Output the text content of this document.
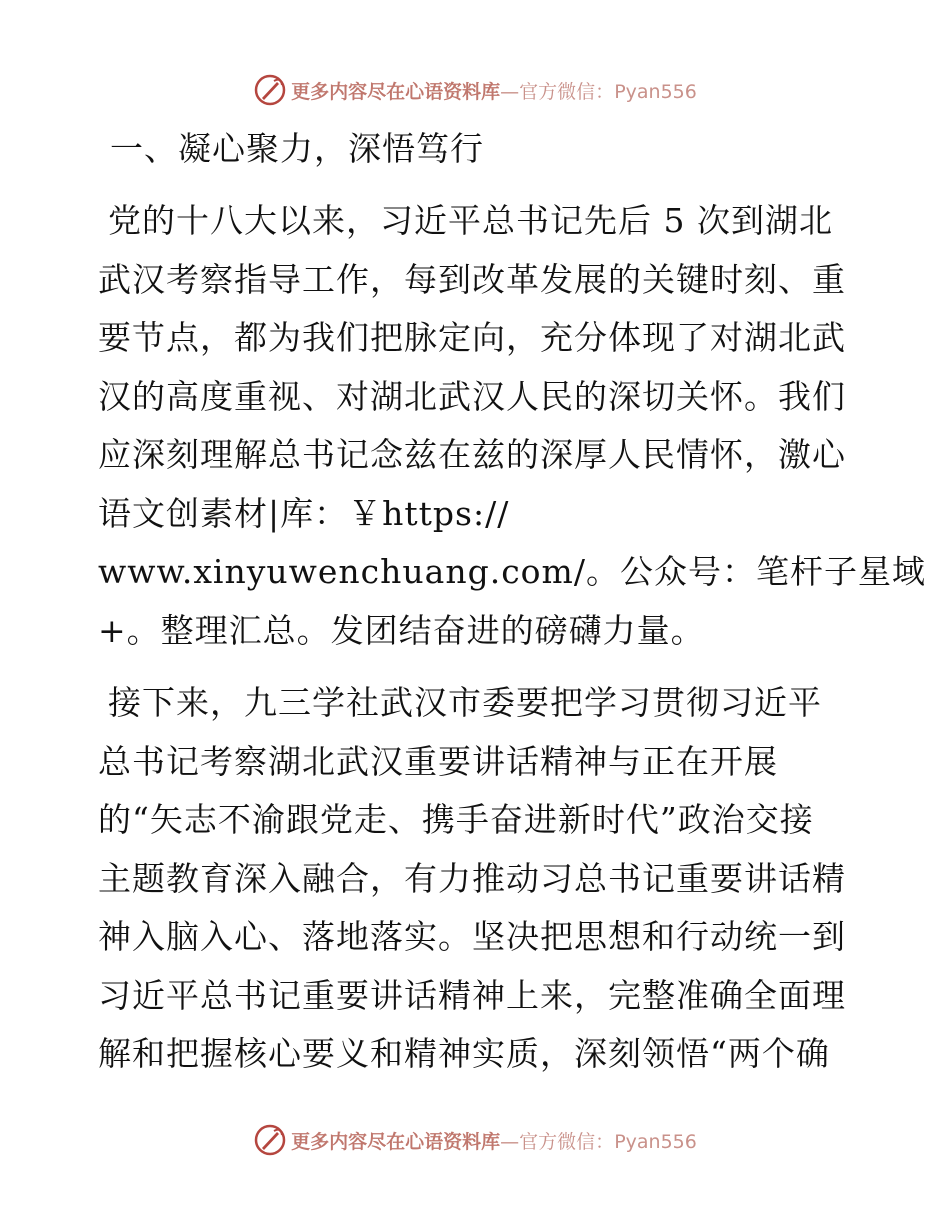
更多内容尽在心语资料库—官方微信：Pyan556
一、凝心聚力，深悟笃行
党的十八大以来，习近平总书记先后 5 次到湖北
武汉考察指导工作，每到改革发展的关键时刻、重
要节点，都为我们把脉定向，充分体现了对湖北武
汉的高度重视、对湖北武汉人民的深切关怀。我们
应深刻理解总书记念兹在兹的深厚人民情怀，激心
语文创素材|库：￥https://
www.xinyuwenchuang.com/。公众号：笔杆子星域
+。整理汇总。发团结奋进的磅礴力量。
接下来，九三学社武汉市委要把学习贯彻习近平
总书记考察湖北武汉重要讲话精神与正在开展
的“矢志不渝跟党走、携手奋进新时代”政治交接
主题教育深入融合，有力推动习总书记重要讲话精
神入脑入心、落地落实。坚决把思想和行动统一到
习近平总书记重要讲话精神上来，完整准确全面理
解和把握核心要义和精神实质，深刻领悟“两个确
更多内容尽在心语资料库—官方微信：Pyan556
